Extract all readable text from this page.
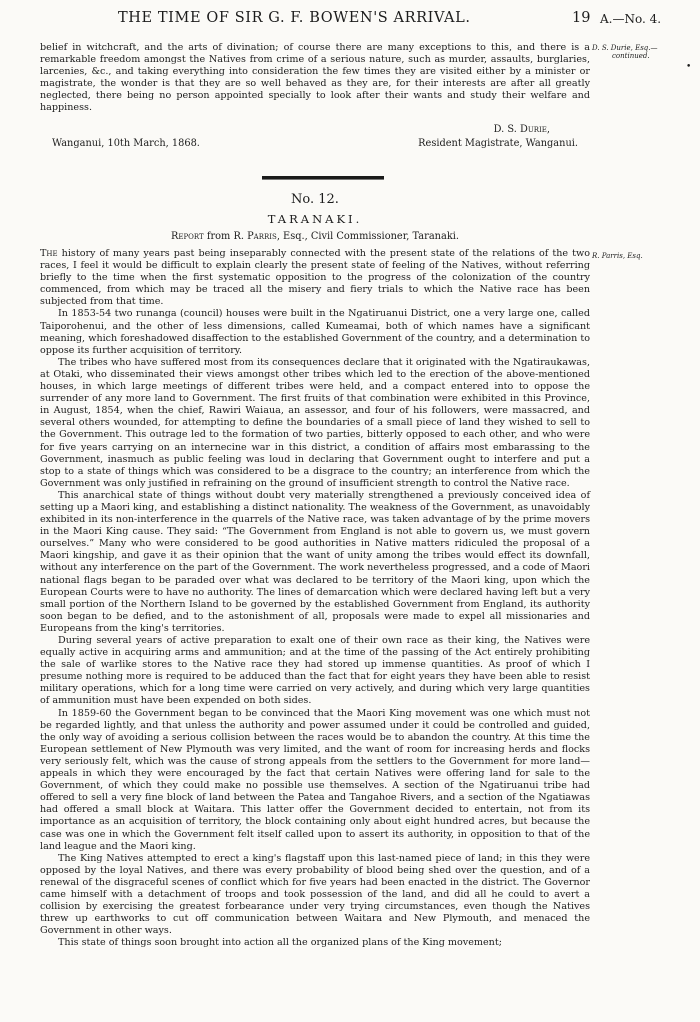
THE TIME OF SIR G. F. BOWEN'S ARRIVAL.	19 A.—No. 4.
D. S. Durie, Esq.—
continued.
•

belief in witchcraft, and the arts of divination; of course there are many exceptions to this, and there is a remarkable freedom amongst the Natives from crime of a serious nature, such as murder, assaults, burglaries, larcenies, &c., and taking everything into consideration the few times they are visited either by a minister or magistrate, the wonder is that they are so well behaved as they are, for their interests are after all greatly neglected, there being no person appointed specially to look after their wants and study their welfare and happiness.

D. S. Durie,
Wanganui, 10th March, 1868.	Resident Magistrate, Wanganui.
No. 12.
TARANAKI.
Report from R. Parris, Esq., Civil Commissioner, Taranaki.
R. Parris, Esq.

The history of many years past being inseparably connected with the present state of the relations of the two races, I feel it would be difficult to explain clearly the present state of feeling of the Natives, without referring briefly to the time when the first systematic opposition to the progress of the colonization of the country commenced, from which may be traced all the misery and fiery trials to which the Native race has been subjected from that time.

In 1853-54 two runanga (council) houses were built in the Ngatiruanui District, one a very large one, called Taiporohenui, and the other of less dimensions, called Kumeamai, both of which names have a significant meaning, which foreshadowed disaffection to the established Government of the country, and a determination to oppose its further acquisition of territory.

The tribes who have suffered most from its consequences declare that it originated with the Ngatiraukawas, at Otaki, who disseminated their views amongst other tribes which led to the erection of the above-mentioned houses, in which large meetings of different tribes were held, and a compact entered into to oppose the surrender of any more land to Government. The first fruits of that combination were exhibited in this Province, in August, 1854, when the chief, Rawiri Waiaua, an assessor, and four of his followers, were massacred, and several others wounded, for attempting to define the boundaries of a small piece of land they wished to sell to the Government. This outrage led to the formation of two parties, bitterly opposed to each other, and who were for five years carrying on an internecine war in this district, a condition of affairs most embarassing to the Government, inasmuch as public feeling was loud in declaring that Government ought to interfere and put a stop to a state of things which was considered to be a disgrace to the country; an interference from which the Government was only justified in refraining on the ground of insufficient strength to control the Native race.

This anarchical state of things without doubt very materially strengthened a previously conceived idea of setting up a Maori king, and establishing a distinct nationality. The weakness of the Government, as unavoidably exhibited in its non-interference in the quarrels of the Native race, was taken advantage of by the prime movers in the Maori King cause. They said: “The Government from England is not able to govern us, we must govern ourselves.” Many who were considered to be good authorities in Native matters ridiculed the proposal of a Maori kingship, and gave it as their opinion that the want of unity among the tribes would effect its downfall, without any interference on the part of the Government. The work nevertheless progressed, and a code of Maori national flags began to be paraded over what was declared to be territory of the Maori king, upon which the European Courts were to have no authority. The lines of demarcation which were declared having left but a very small portion of the Northern Island to be governed by the established Government from England, its authority soon began to be defied, and to the astonishment of all, proposals were made to expel all missionaries and Europeans from the king's territories.

During several years of active preparation to exalt one of their own race as their king, the Natives were equally active in acquiring arms and ammunition; and at the time of the passing of the Act entirely prohibiting the sale of warlike stores to the Native race they had stored up immense quantities. As proof of which I presume nothing more is required to be adduced than the fact that for eight years they have been able to resist military operations, which for a long time were carried on very actively, and during which very large quantities of ammunition must have been expended on both sides.

In 1859-60 the Government began to be convinced that the Maori King movement was one which must not be regarded lightly, and that unless the authority and power assumed under it could be controlled and guided, the only way of avoiding a serious collision between the races would be to abandon the country. At this time the European settlement of New Plymouth was very limited, and the want of room for increasing herds and flocks very seriously felt, which was the cause of strong appeals from the settlers to the Government for more land—appeals in which they were encouraged by the fact that certain Natives were offering land for sale to the Government, of which they could make no possible use themselves. A section of the Ngatiruanui tribe had offered to sell a very fine block of land between the Patea and Tangahoe Rivers, and a section of the Ngatiawas had offered a small block at Waitara. This latter offer the Government decided to entertain, not from its importance as an acquisition of territory, the block containing only about eight hundred acres, but because the case was one in which the Government felt itself called upon to assert its authority, in opposition to that of the land league and the Maori king.

The King Natives attempted to erect a king's flagstaff upon this last-named piece of land; in this they were opposed by the loyal Natives, and there was every probability of blood being shed over the question, and of a renewal of the disgraceful scenes of conflict which for five years had been enacted in the district. The Governor came himself with a detachment of troops and took possession of the land, and did all he could to avert a collision by exercising the greatest forbearance under very trying circumstances, even though the Natives threw up earthworks to cut off communication between Waitara and New Plymouth, and menaced the Government in other ways.

This state of things soon brought into action all the organized plans of the King movement;
